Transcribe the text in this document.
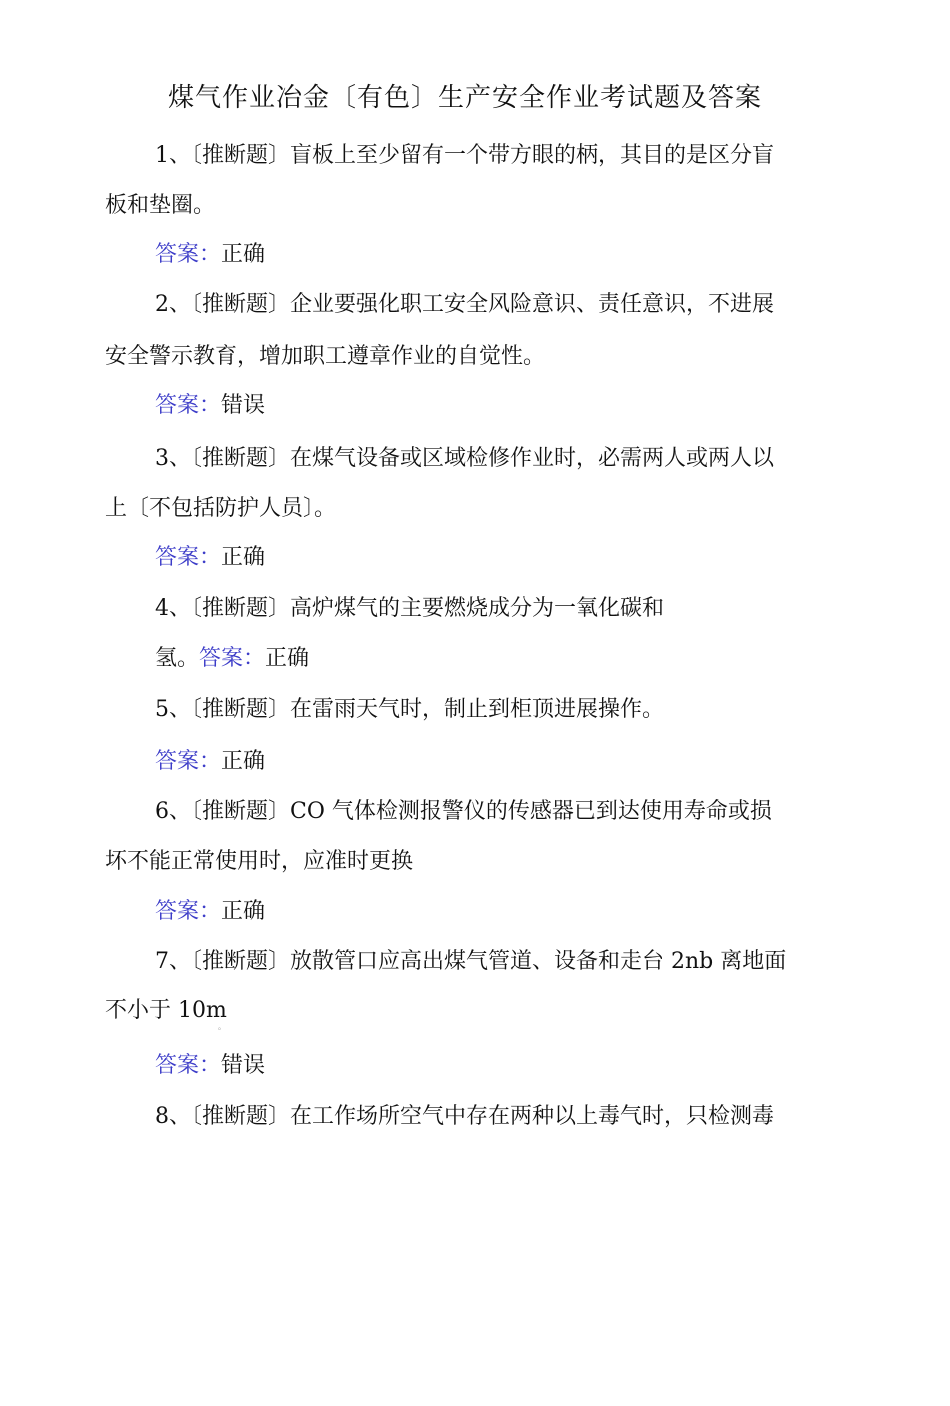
煤气作业冶金〔有色〕生产安全作业考试题及答案
1、〔推断题〕盲板上至少留有一个带方眼的柄，其目的是区分盲
板和垫圈。
答案：正确
2、〔推断题〕企业要强化职工安全风险意识、责任意识，不进展
安全警示教育，增加职工遵章作业的自觉性。
答案：错误
3、〔推断题〕在煤气设备或区域检修作业时，必需两人或两人以
上〔不包括防护人员〕。
答案：正确
4、〔推断题〕高炉煤气的主要燃烧成分为一氧化碳和
氢。答案：正确
5、〔推断题〕在雷雨天气时，制止到柜顶进展操作。
答案：正确
6、〔推断题〕CO 气体检测报警仪的传感器已到达使用寿命或损
坏不能正常使用时，应准时更换
答案：正确
7、〔推断题〕放散管口应高出煤气管道、设备和走台 2nb 离地面
不小于 10m
。
答案：错误
8、〔推断题〕在工作场所空气中存在两种以上毒气时，只检测毒
